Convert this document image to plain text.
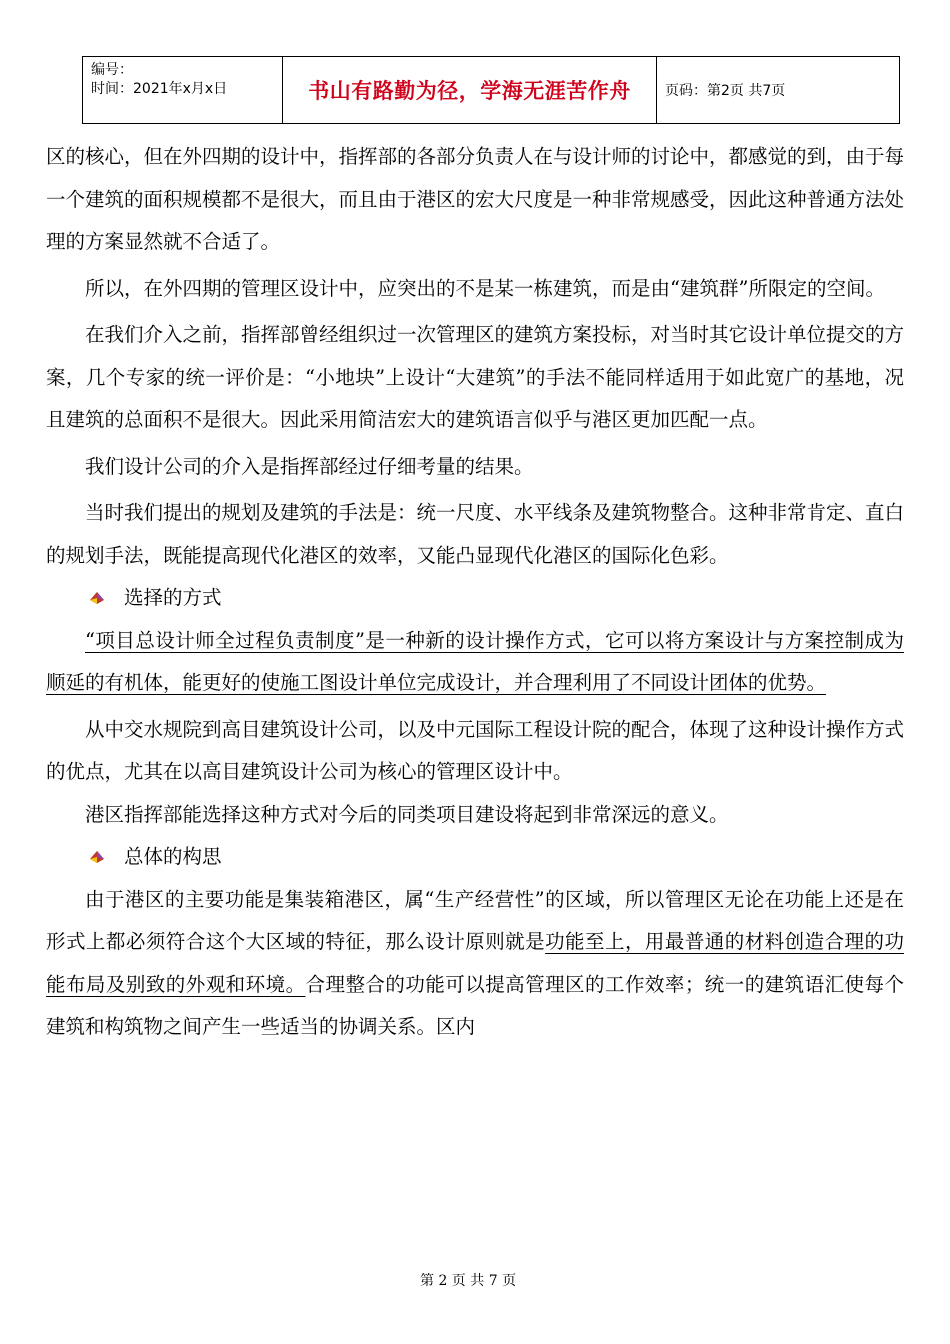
编号：
时间：2021年x月x日	书山有路勤为径，学海无涯苦作舟	页码：第2页 共7页

区的核心，但在外四期的设计中，指挥部的各部分负责人在与设计师的讨论中，都感觉的到，由于每一个建筑的面积规模都不是很大，而且由于港区的宏大尺度是一种非常规感受，因此这种普通方法处理的方案显然就不合适了。

所以，在外四期的管理区设计中，应突出的不是某一栋建筑，而是由“建筑群”所限定的空间。

在我们介入之前，指挥部曾经组织过一次管理区的建筑方案投标，对当时其它设计单位提交的方案，几个专家的统一评价是：“小地块”上设计“大建筑”的手法不能同样适用于如此宽广的基地，况且建筑的总面积不是很大。因此采用简洁宏大的建筑语言似乎与港区更加匹配一点。

我们设计公司的介入是指挥部经过仔细考量的结果。

当时我们提出的规划及建筑的手法是：统一尺度、水平线条及建筑物整合。这种非常肯定、直白的规划手法，既能提高现代化港区的效率，又能凸显现代化港区的国际化色彩。

选择的方式

“项目总设计师全过程负责制度”是一种新的设计操作方式，它可以将方案设计与方案控制成为顺延的有机体，能更好的使施工图设计单位完成设计，并合理利用了不同设计团体的优势。

从中交水规院到高目建筑设计公司，以及中元国际工程设计院的配合，体现了这种设计操作方式的优点，尤其在以高目建筑设计公司为核心的管理区设计中。

港区指挥部能选择这种方式对今后的同类项目建设将起到非常深远的意义。

总体的构思

由于港区的主要功能是集装箱港区，属“生产经营性”的区域，所以管理区无论在功能上还是在形式上都必须符合这个大区域的特征，那么设计原则就是功能至上，用最普通的材料创造合理的功能布局及别致的外观和环境。合理整合的功能可以提高管理区的工作效率；统一的建筑语汇使每个建筑和构筑物之间产生一些适当的协调关系。区内

第 2 页 共 7 页
